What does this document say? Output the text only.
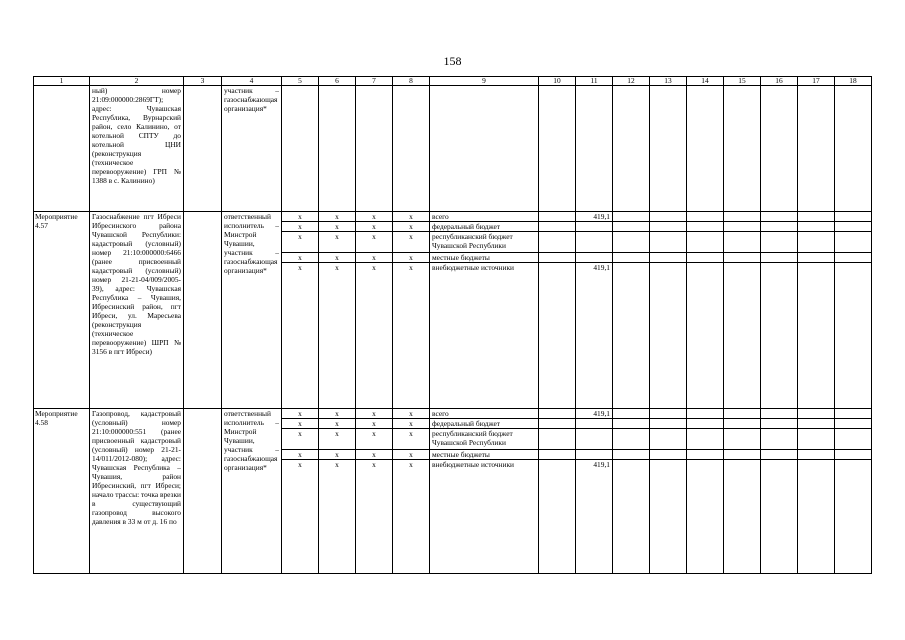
158
1	2	3	4	5	6	7	8	9	10	11	12	13	14	15	16	17	18
	ный) номер 21:09:000000:2869ГТ); адрес: Чувашская Республика, Вурнарский район, село Калинино, от котельной СПТУ до котельной ЦНИ (реконструкция (техническое перевооружение) ГРП № 1388 в с. Калинино)		участник – газоснабжающая организация*														
Мероприятие 4.57	Газоснабжение пгт Ибреси Ибресинского района Чувашской Республики: кадастровый (условный) номер 21:10:000000:6466 (ранее присвоенный кадастровый (условный) номер 21-21-04/009/2005-39), адрес: Чувашская Республика – Чувашия, Ибресинский район, пгт Ибреси, ул. Маресьева (реконструкция (техническое перевооружение) ШРП № 3156 в пгт Ибреси)		ответственный исполнитель – Минстрой Чувашии, участник – газоснабжающая организация*	x	x	x	x	всего		419,1							
				x	x	x	x	федеральный бюджет									
				x	x	x	x	республиканский бюджет Чувашской Республики									
				x	x	x	x	местные бюджеты									
				x	x	x	x	внебюджетные источники		419,1							
Мероприятие 4.58	Газопровод, кадастровый (условный) номер 21:10:000000:551 (ранее присвоенный кадастровый (условный) номер 21-21-14/011/2012-080); адрес: Чувашская Республика – Чувашия, район Ибресинский, пгт Ибреси; начало трассы: точка врезки в существующий газопровод высокого давления в 33 м от д. 16 по		ответственный исполнитель – Минстрой Чувашии, участник – газоснабжающая организация*	x	x	x	x	всего		419,1							
				x	x	x	x	федеральный бюджет									
				x	x	x	x	республиканский бюджет Чувашской Республики									
				x	x	x	x	местные бюджеты									
				x	x	x	x	внебюджетные источники		419,1							
